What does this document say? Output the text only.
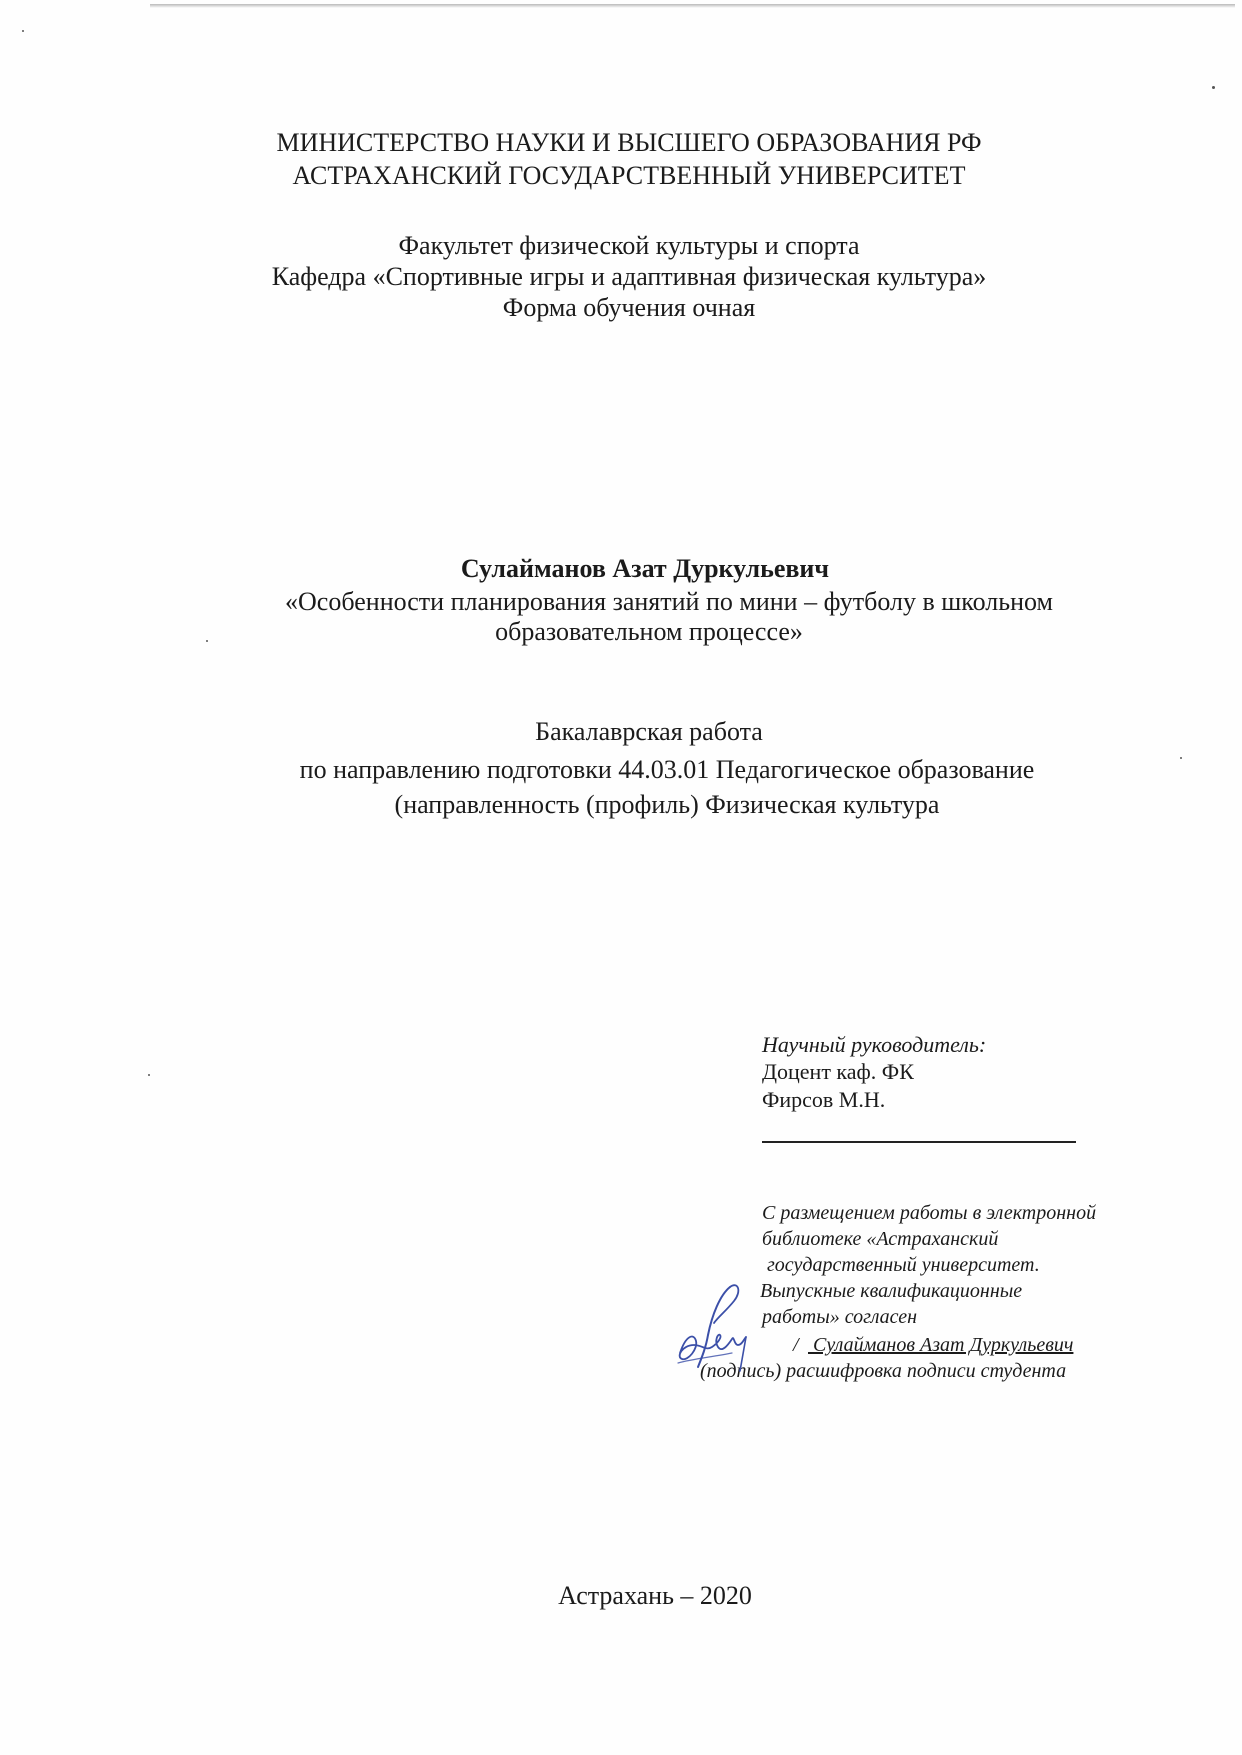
МИНИСТЕРСТВО НАУКИ И ВЫСШЕГО ОБРАЗОВАНИЯ РФ
АСТРАХАНСКИЙ ГОСУДАРСТВЕННЫЙ УНИВЕРСИТЕТ
Факультет физической культуры и спорта
Кафедра «Спортивные игры и адаптивная физическая культура»
Форма обучения очная
Сулайманов Азат Дуркульевич
«Особенности планирования занятий по мини – футболу в школьном
образовательном процессе»
Бакалаврская работа
по направлению подготовки 44.03.01 Педагогическое образование
(направленность (профиль) Физическая культура
Научный руководитель:
Доцент каф. ФК
Фирсов М.Н.
С размещением работы в электронной
библиотеке «Астраханский
государственный университет.
Выпускные квалификационные
работы» согласен
/ Сулайманов Азат Дуркульевич
(подпись) расшифровка подписи студента
Астрахань – 2020
